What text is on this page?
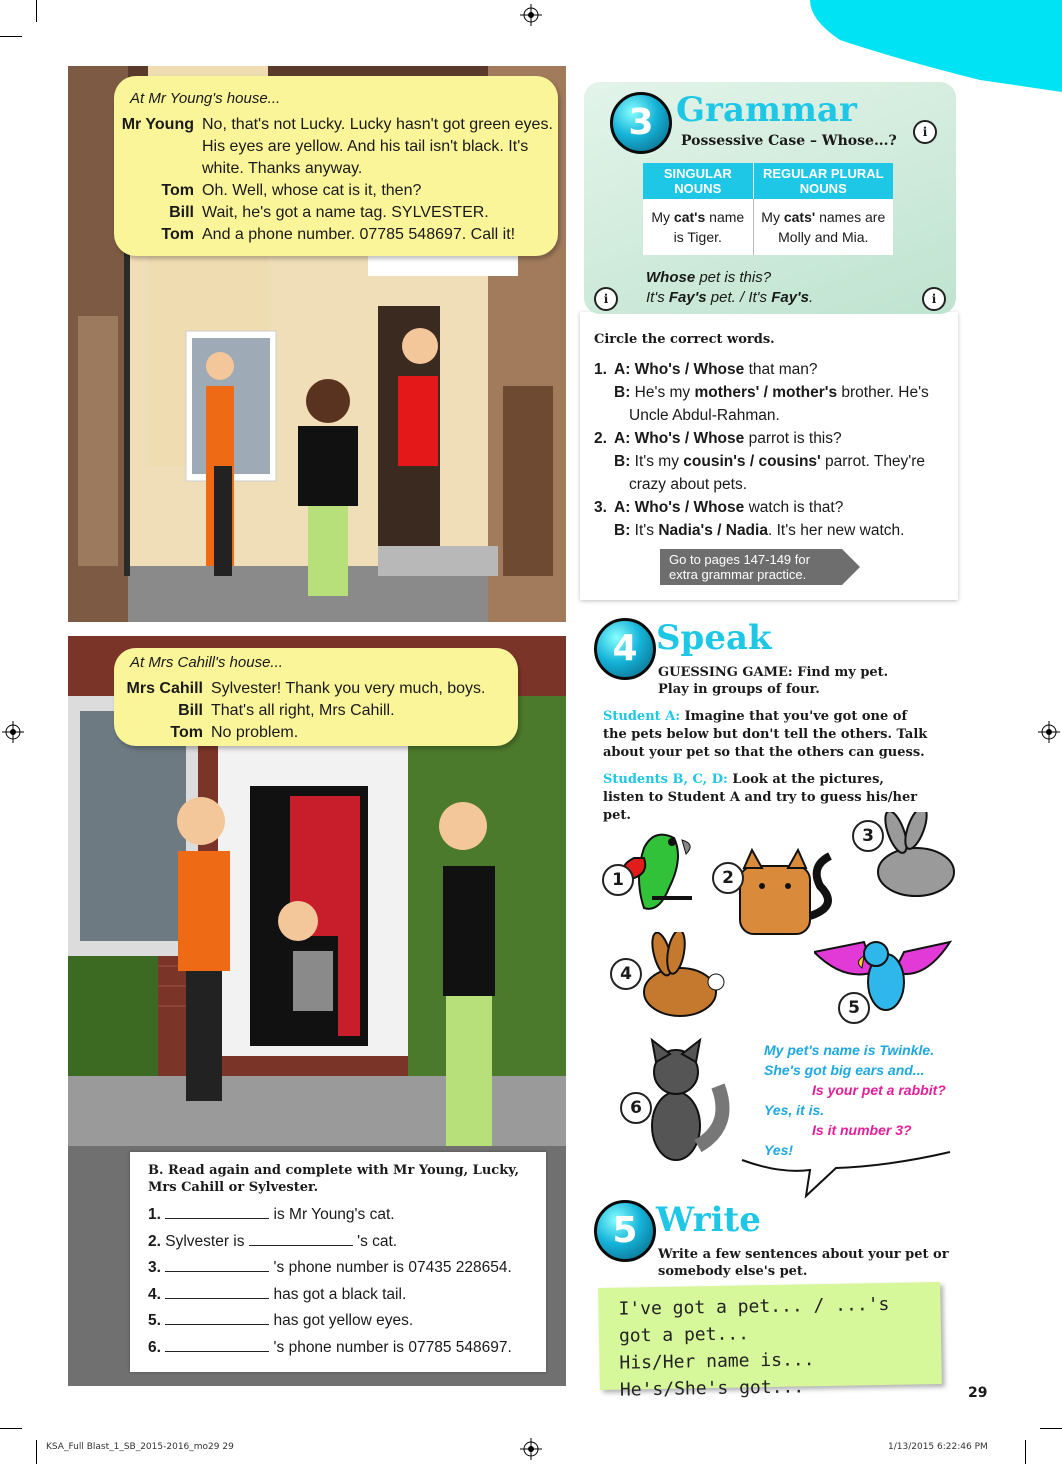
At Mr Young's house...
Mr Young No, that's not Lucky. Lucky hasn't got green eyes. His eyes are yellow. And his tail isn't black. It's white. Thanks anyway.
Tom Oh. Well, whose cat is it, then?
Bill Wait, he's got a name tag. SYLVESTER.
Tom And a phone number. 07785 548697. Call it!
At Mrs Cahill's house...
Mrs Cahill Sylvester! Thank you very much, boys.
Bill That's all right, Mrs Cahill.
Tom No problem.
B. Read again and complete with Mr Young, Lucky,
Mrs Cahill or Sylvester.
1.	is Mr Young's cat.
2. Sylvester is	's cat.
3.	's phone number is 07435 228654.
4.	has got a black tail.
5.	has got yellow eyes.
6.	's phone number is 07785 548697.
3 Grammar
Possessive Case – Whose...?
i
i	i
SINGULAR NOUNS	REGULAR PLURAL NOUNS
My cat's name is Tiger.	My cats' names are Molly and Mia.
Whose pet is this?
It's Fay's pet. / It's Fay's.
Circle the correct words.
1. A: Who's / Whose that man?
B: He's my mothers' / mother's brother. He's
Uncle Abdul-Rahman.
2. A: Who's / Whose parrot is this?
B: It's my cousin's / cousins' parrot. They're
crazy about pets.
3. A: Who's / Whose watch is that?
B: It's Nadia's / Nadia. It's her new watch.
Go to pages 147-149 for
extra grammar practice.
4 Speak
GUESSING GAME: Find my pet.
Play in groups of four.
Student A: Imagine that you've got one of the pets below but don't tell the others. Talk about your pet so that the others can guess.
Students B, C, D: Look at the pictures, listen to Student A and try to guess his/her pet.
1	2
3
4
5
6
My pet's name is Twinkle.
She's got big ears and...
Is your pet a rabbit?
Yes, it is.
Is it number 3?
Yes!
5 Write
Write a few sentences about your pet or
somebody else's pet.
I've got a pet... / ...'s got a pet...
His/Her name is...
He's/She's got...	29
KSA_Full Blast_1_SB_2015-2016_mo29 29	1/13/2015 6:22:46 PM
